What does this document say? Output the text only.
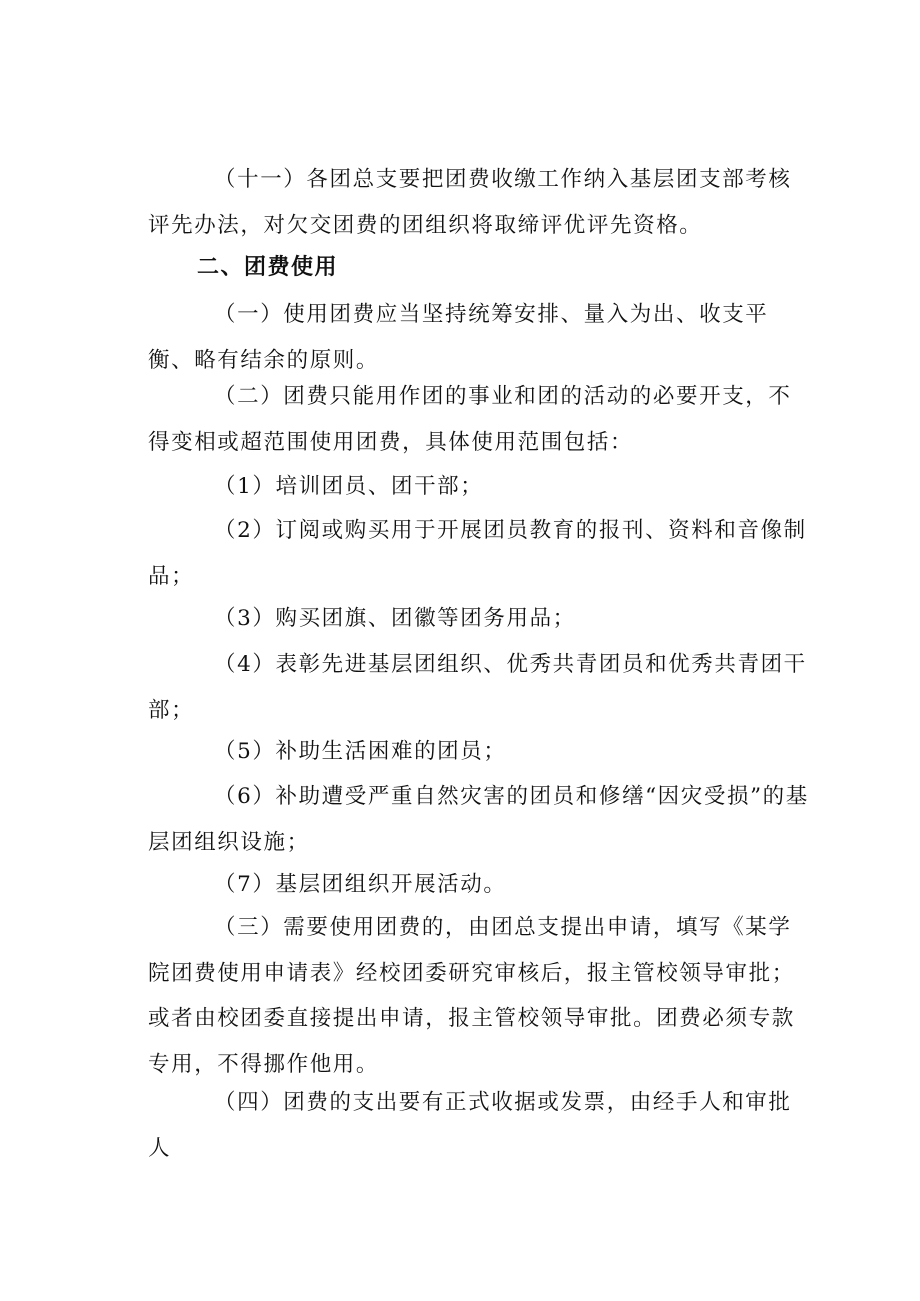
（十一）各团总支要把团费收缴工作纳入基层团支部考核评先办法，对欠交团费的团组织将取缔评优评先资格。

二、团费使用

（一）使用团费应当坚持统筹安排、量入为出、收支平衡、略有结余的原则。

（二）团费只能用作团的事业和团的活动的必要开支，不得变相或超范围使用团费，具体使用范围包括：

（1）培训团员、团干部；

（2）订阅或购买用于开展团员教育的报刊、资料和音像制品；

（3）购买团旗、团徽等团务用品；

（4）表彰先进基层团组织、优秀共青团员和优秀共青团干部；

（5）补助生活困难的团员；

（6）补助遭受严重自然灾害的团员和修缮“因灾受损”的基层团组织设施；

（7）基层团组织开展活动。

（三）需要使用团费的，由团总支提出申请，填写《某学院团费使用申请表》经校团委研究审核后，报主管校领导审批；或者由校团委直接提出申请，报主管校领导审批。团费必须专款专用，不得挪作他用。

（四）团费的支出要有正式收据或发票，由经手人和审批人
